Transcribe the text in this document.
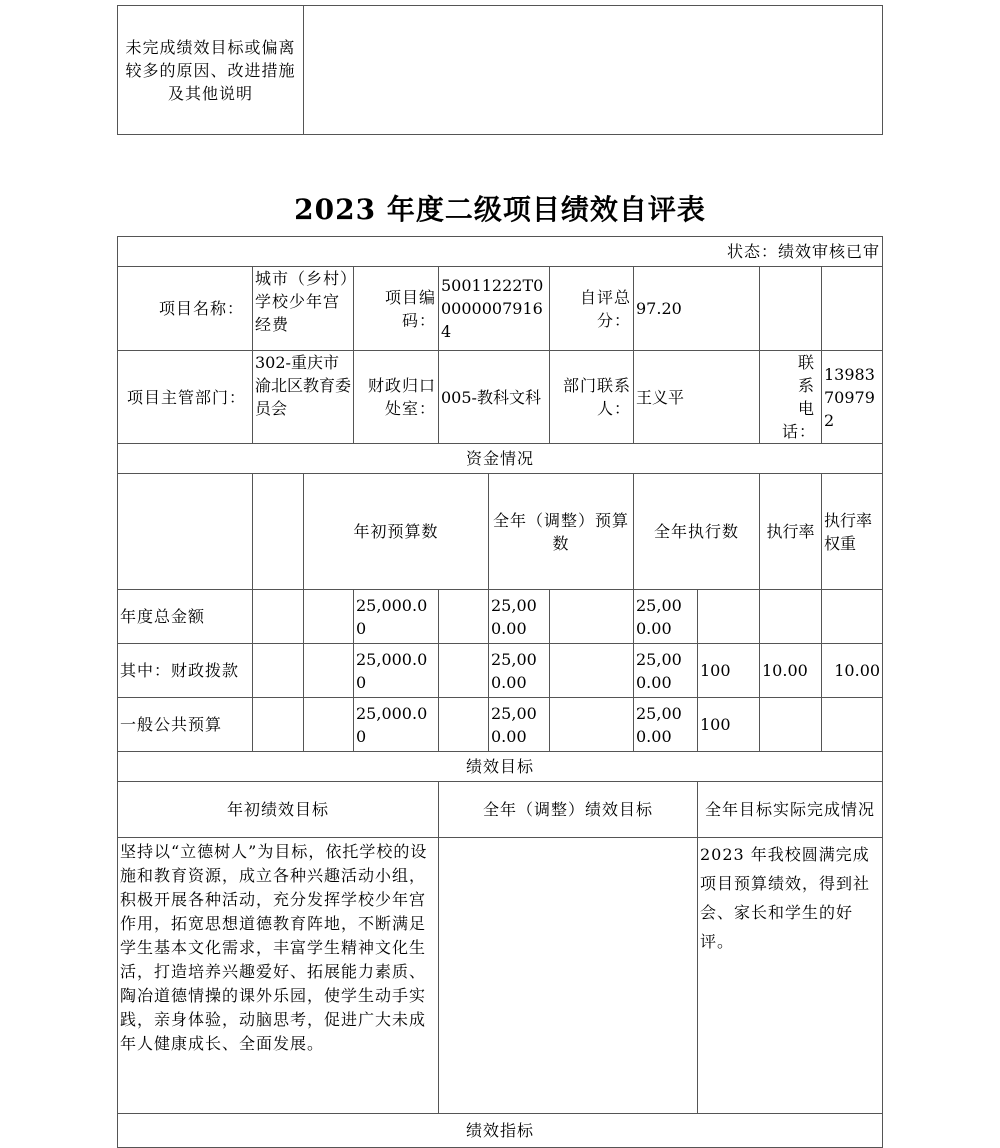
未完成绩效目标或偏离较多的原因、改进措施及其他说明	
2023 年度二级项目绩效自评表
状态：绩效审核已审											
项目名称：	城市（乡村）学校少年宫经费		项目编码：	50011222T000000079164		自评总分：	97.20				
项目主管部门：	302-重庆市渝北区教育委员会		财政归口处室：	005-教科文科		部门联系人：	王义平		联系电话：	13983709792	
资金情况											
		年初预算数			全年（调整）预算数		全年执行数		执行率	执行率权重	
年度总金额			25,000.00		25,000.00		25,000.00				
其中：财政拨款			25,000.00		25,000.00		25,000.00	100	10.00	10.00	
一般公共预算			25,000.00		25,000.00		25,000.00	100			
绩效目标											
年初绩效目标				全年（调整）绩效目标				全年目标实际完成情况			
坚持以“立德树人”为目标，依托学校的设施和教育资源，成立各种兴趣活动小组，积极开展各种活动，充分发挥学校少年宫作用，拓宽思想道德教育阵地，不断满足学生基本文化需求，丰富学生精神文化生活，打造培养兴趣爱好、拓展能力素质、陶冶道德情操的课外乐园，使学生动手实践，亲身体验，动脑思考，促进广大未成年人健康成长、全面发展。								2023 年我校圆满完成项目预算绩效，得到社会、家长和学生的好评。			
绩效指标											
